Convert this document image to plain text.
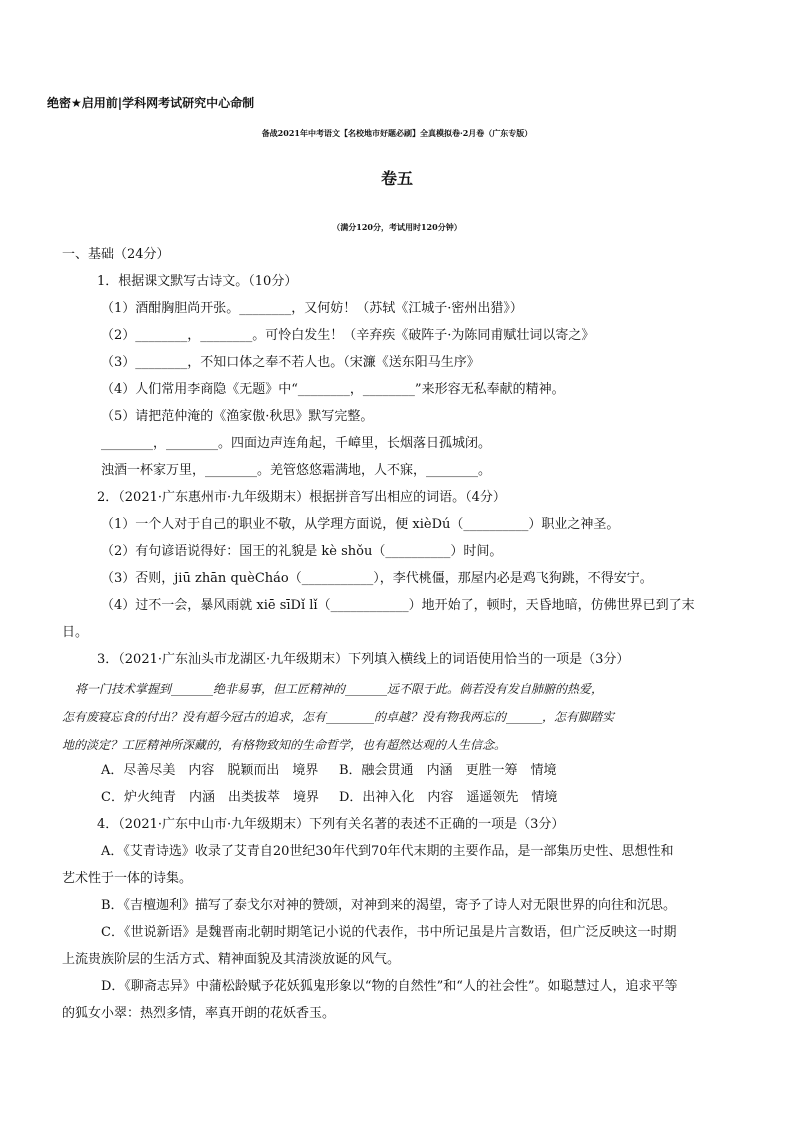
绝密★启用前|学科网考试研究中心命制
备战2021年中考语文【名校地市好题必刷】全真模拟卷·2月卷（广东专版）
卷五
（满分120分，考试用时120分钟）
一、基础（24分）
1．根据课文默写古诗文。（10分）
（1）酒酣胸胆尚开张。________，又何妨！（苏轼《江城子·密州出猎》）
（2）________，________。可怜白发生！（辛弃疾《破阵子·为陈同甫赋壮词以寄之》
（3）________，不知口体之奉不若人也。（宋濂《送东阳马生序》
（4）人们常用李商隐《无题》中“________，________”来形容无私奉献的精神。
（5）请把范仲淹的《渔家傲·秋思》默写完整。
________，________。四面边声连角起，千嶂里，长烟落日孤城闭。
浊酒一杯家万里，________。羌管悠悠霜满地，人不寐，________。
2．（2021·广东惠州市·九年级期末）根据拼音写出相应的词语。（4分）
（1）一个人对于自己的职业不敬，从学理方面说，便 xièDú（__________）职业之神圣。
（2）有句谚语说得好：国王的礼貌是 kè shǒu（__________）时间。
（3）否则，jiū zhān quèCháo（___________），李代桃僵，那屋内必是鸡飞狗跳，不得安宁。
（4）过不一会，暴风雨就 xiē sīDǐ lǐ（____________）地开始了，顿时，天昏地暗，仿佛世界已到了末
日。
3．（2021·广东汕头市龙湖区·九年级期末）下列填入横线上的词语使用恰当的一项是（3分）
将一门技术掌握到_______绝非易事，但工匠精神的_______远不限于此。倘若没有发自肺腑的热爱，
怎有废寝忘食的付出？没有超今冠古的追求，怎有________的卓越？没有物我两忘的______，怎有脚踏实
地的淡定？工匠精神所深藏的，有格物致知的生命哲学，也有超然达观的人生信念。
A．尽善尽美　内容　脱颖而出　境界 B．融会贯通　内涵　更胜一筹　情境
C．炉火纯青　内涵　出类拔萃　境界 D．出神入化　内容　遥遥领先　情境
4．（2021·广东中山市·九年级期末）下列有关名著的表述不正确的一项是（3分）
A．《艾青诗选》收录了艾青自20世纪30年代到70年代末期的主要作品，是一部集历史性、思想性和
艺术性于一体的诗集。
B．《吉檀迦利》描写了泰戈尔对神的赞颂，对神到来的渴望，寄予了诗人对无限世界的向往和沉思。
C．《世说新语》是魏晋南北朝时期笔记小说的代表作，书中所记虽是片言数语，但广泛反映这一时期
上流贵族阶层的生活方式、精神面貌及其清淡放诞的风气。
D．《聊斋志异》中蒲松龄赋予花妖狐鬼形象以“物的自然性”和“人的社会性”。如聪慧过人，追求平等
的狐女小翠：热烈多情，率真开朗的花妖香玉。
